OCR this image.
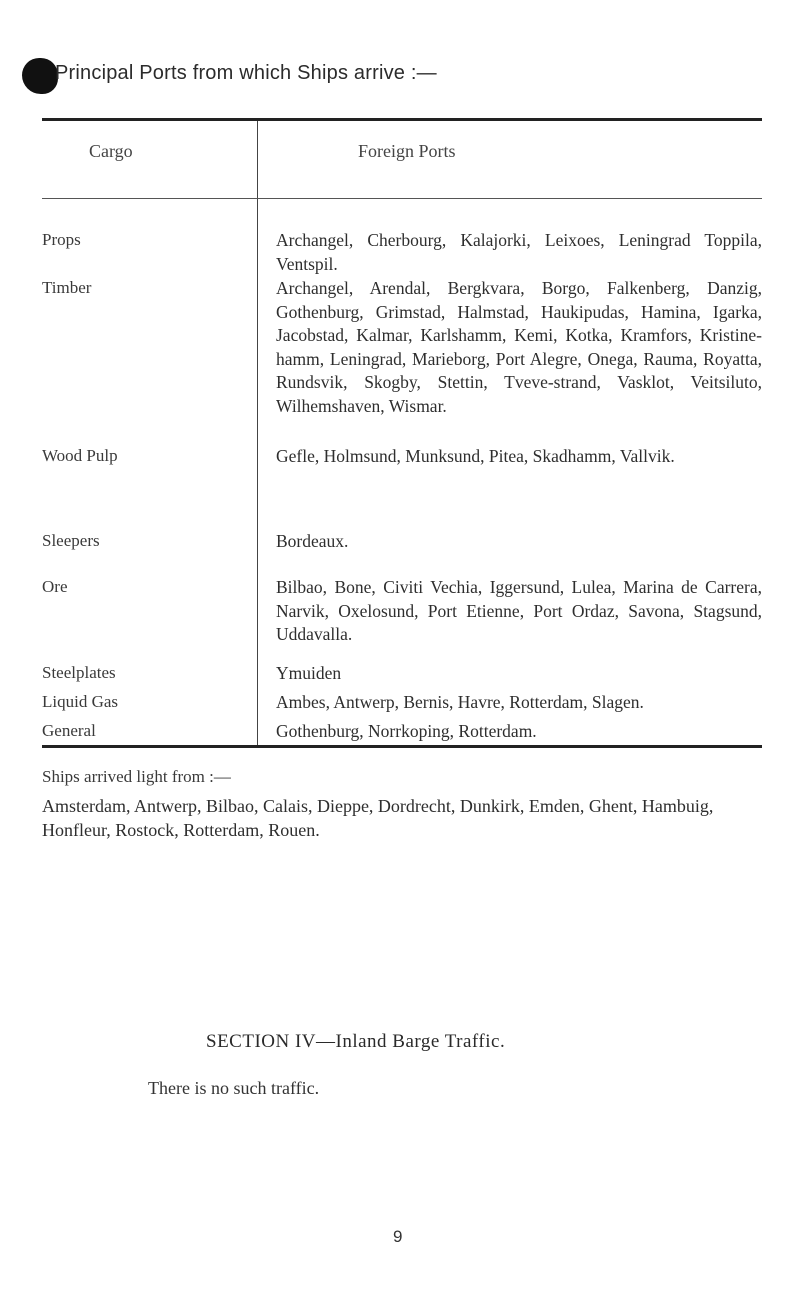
Principal Ports from which Ships arrive :—
Cargo	Foreign Ports
Props	Archangel, Cherbourg, Kalajorki, Leixoes, Leningrad Toppila, Ventspil.
Timber	Archangel, Arendal, Bergkvara, Borgo, Falkenberg, Danzig, Gothenburg, Grimstad, Halmstad, Haukipudas, Hamina, Igarka, Jacobstad, Kalmar, Karlshamm, Kemi, Kotka, Kramfors, Kristine-hamm, Leningrad, Marieborg, Port Alegre, Onega, Rauma, Royatta, Rundsvik, Skogby, Stettin, Tveve-strand, Vasklot, Veitsiluto, Wilhemshaven, Wismar.
Wood Pulp	Gefle, Holmsund, Munksund, Pitea, Skadhamm, Vallvik.
Sleepers	Bordeaux.
Ore	Bilbao, Bone, Civiti Vechia, Iggersund, Lulea, Marina de Carrera, Narvik, Oxelosund, Port Etienne, Port Ordaz, Savona, Stagsund, Uddavalla.
Steelplates	Ymuiden
Liquid Gas	Ambes, Antwerp, Bernis, Havre, Rotterdam, Slagen.
General	Gothenburg, Norrkoping, Rotterdam.
Ships arrived light from :—
Amsterdam, Antwerp, Bilbao, Calais, Dieppe, Dordrecht, Dunkirk, Emden, Ghent, Hambuig, Honfleur, Rostock, Rotterdam, Rouen.
SECTION IV—Inland Barge Traffic.
There is no such traffic.
9
